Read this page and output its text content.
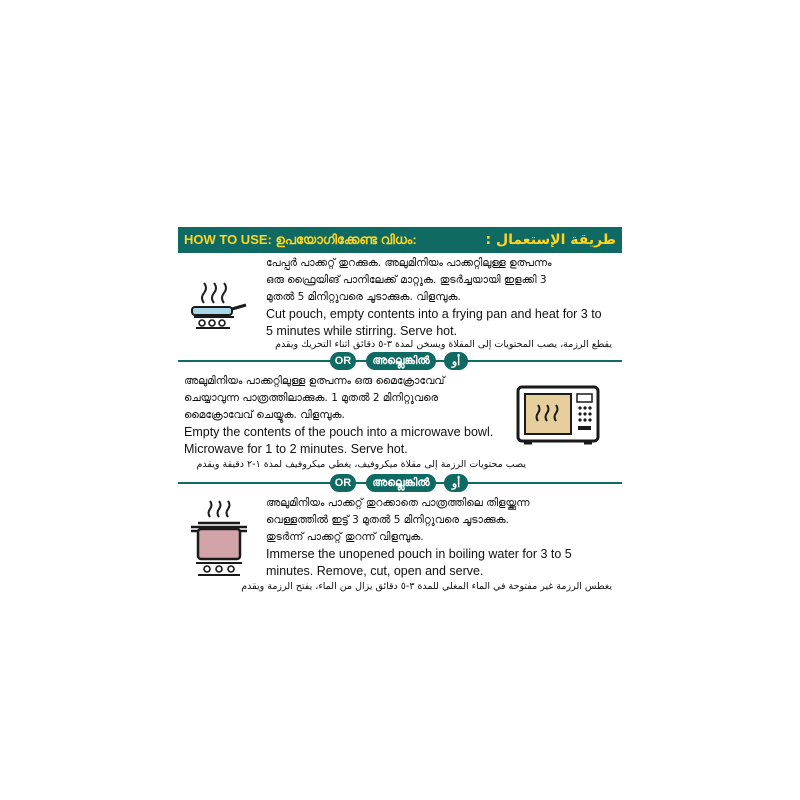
HOW TO USE: ഉപയോഗിക്കേണ്ട വിധം:	طريقة الإستعمال :
പേപ്പർ പാക്കറ്റ് തുറക്കുക. അലുമിനിയം പാക്കറ്റിലുള്ള ഉത്പന്നം
ഒരു ഫ്രൈയിങ് പാനിലേക്ക് മാറ്റുക. തുടർച്ചയായി ഇളക്കി 3
മുതൽ 5 മിനിറ്റുവരെ ചൂടാക്കുക. വിളമ്പുക.
Cut pouch, empty contents into a frying pan and heat for 3 to
5 minutes while stirring. Serve hot.
يقطع الرزمة، يصب المحتويات إلى المقلاة ويسخن لمدة ٣-٥ دقائق اثناء التحريك ويقدم
OR	അല്ലെങ്കിൽ	أو
അലുമിനിയം പാക്കറ്റിലുള്ള ഉത്പന്നം ഒരു മൈക്രോവേവ്
ചെയ്യാവുന്ന പാത്രത്തിലാക്കുക. 1 മുതൽ 2 മിനിറ്റുവരെ
മൈക്രോവേവ് ചെയ്യുക. വിളമ്പുക.
Empty the contents of the pouch into a microwave bowl.
Microwave for 1 to 2 minutes. Serve hot.
يصب محتويات الرزمة إلى مقلاة ميكروفيف، يغطي ميكروفيف لمدة ١-٢ دقيقة ويقدم
OR	അല്ലെങ്കിൽ	أو
അലുമിനിയം പാക്കറ്റ് തുറക്കാതെ പാത്രത്തിലെ തിളയ്ക്കുന്ന
വെള്ളത്തിൽ ഇട്ട് 3 മുതൽ 5 മിനിറ്റുവരെ ചൂടാക്കുക.
തുടർന്ന് പാക്കറ്റ് തുറന്ന് വിളമ്പുക.
Immerse the unopened pouch in boiling water for 3 to 5
minutes. Remove, cut, open and serve.
يغطس الرزمة غير مفتوحة في الماء المغلي للمدة ٣-٥ دقائق يزال من الماء، يفتح الرزمة ويقدم
